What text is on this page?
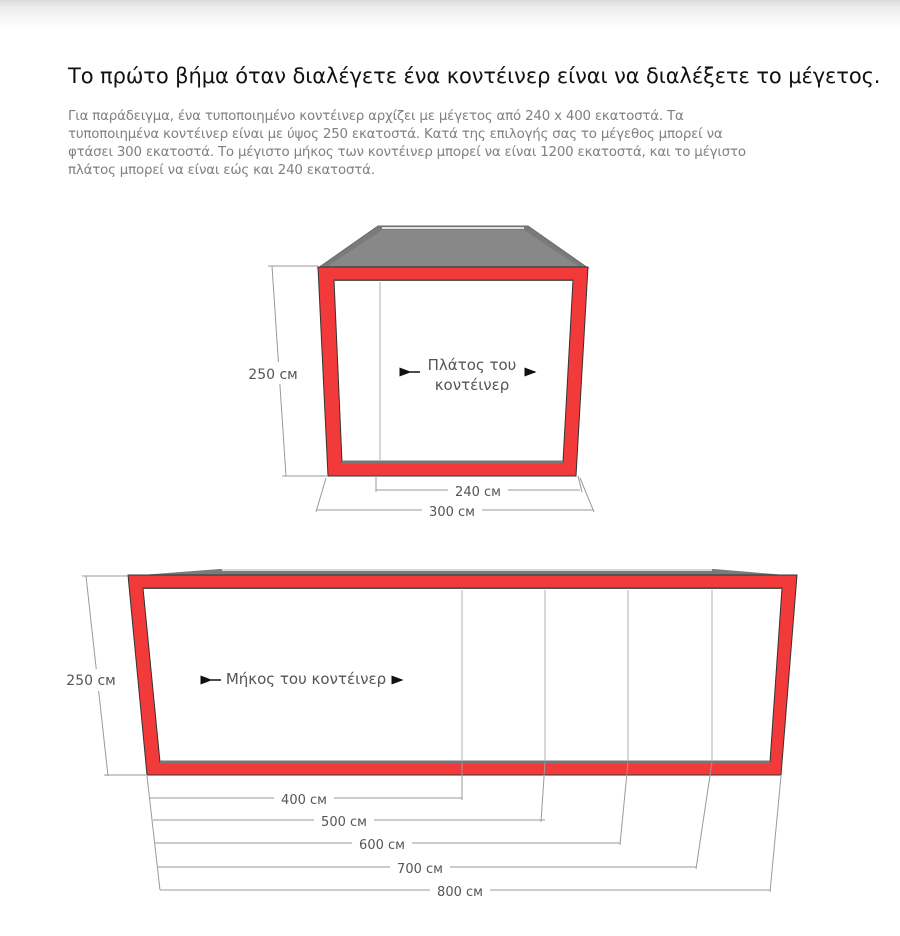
Το πρώτο βήμα όταν διαλέγετε ένα κοντέινερ είναι να διαλέξετε το μέγετος.
Για παράδειγμα, ένα τυποποιημένο κοντέινερ αρχίζει με μέγετος από 240 x 400 εκατοστά. Τα τυποποιημένα κοντέινερ είναι με ύψος 250 εκατοστά. Κατά της επιλογής σας το μέγεθος μπορεί να φτάσει 300 εκατοστά. Το μέγιστο μήκος των κοντέινερ μπορεί να είναι 1200 εκατοστά, και το μέγιστο πλάτος μπορεί να είναι εώς και 240 εκατοστά.
250 см
Πλάτος του
κοντέινερ
240 см
300 см
250 см	Μήκος του κοντέινερ
400 см
500 см
600 см
700 см
800 см
